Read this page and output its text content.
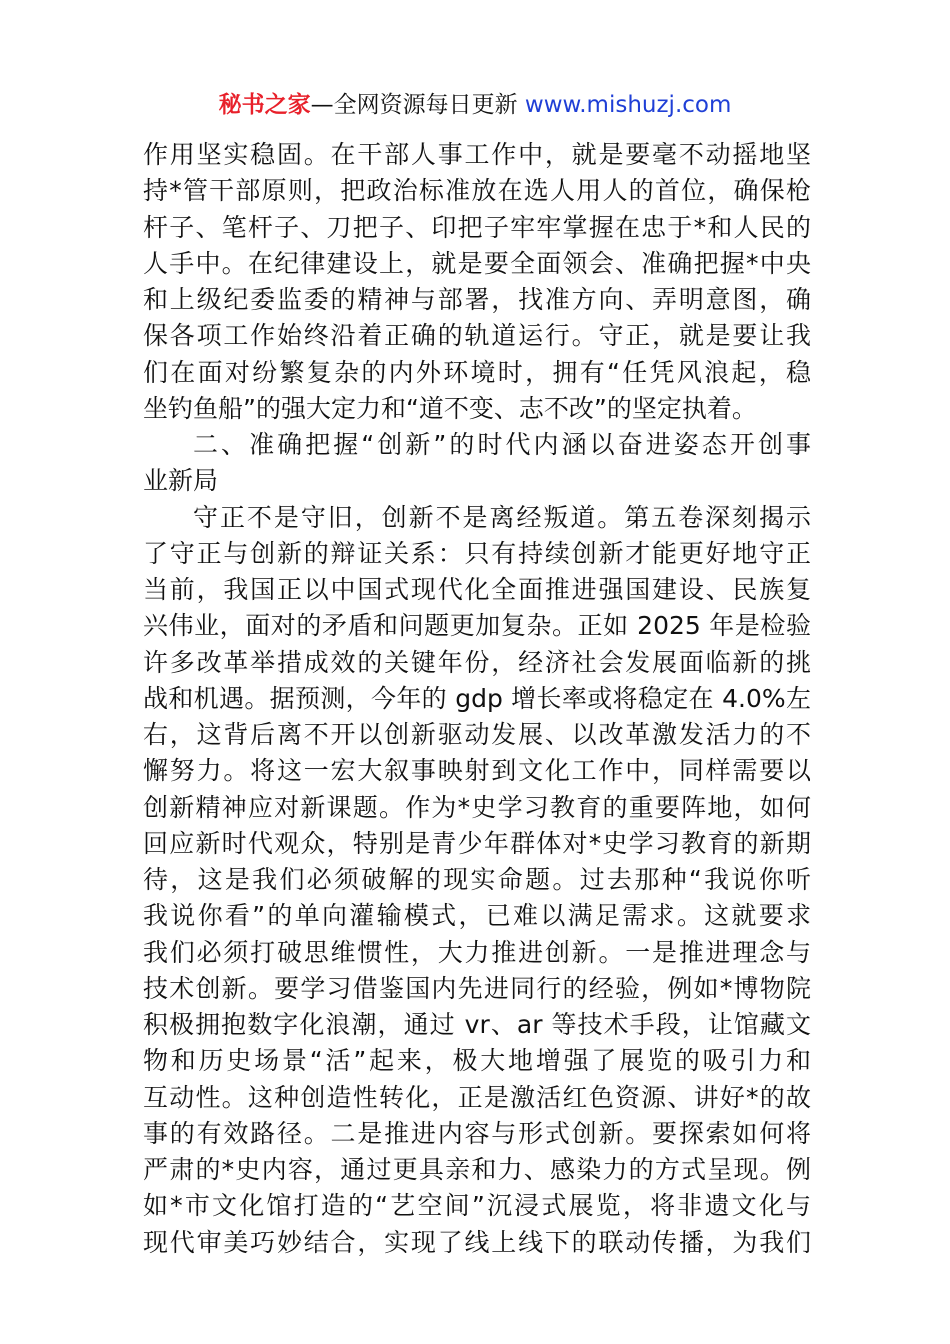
秘书之家—全网资源每日更新 www.mishuzj.com
作用坚实稳固。在干部人事工作中，就是要毫不动摇地坚
持*管干部原则，把政治标准放在选人用人的首位，确保枪
杆子、笔杆子、刀把子、印把子牢牢掌握在忠于*和人民的
人手中。在纪律建设上，就是要全面领会、准确把握*中央
和上级纪委监委的精神与部署，找准方向、弄明意图，确
保各项工作始终沿着正确的轨道运行。守正，就是要让我
们在面对纷繁复杂的内外环境时，拥有“任凭风浪起，稳
坐钓鱼船”的强大定力和“道不变、志不改”的坚定执着。
二、准确把握“创新”的时代内涵以奋进姿态开创事
业新局
守正不是守旧，创新不是离经叛道。第五卷深刻揭示
了守正与创新的辩证关系：只有持续创新才能更好地守正
当前，我国正以中国式现代化全面推进强国建设、民族复
兴伟业，面对的矛盾和问题更加复杂。正如 2025 年是检验
许多改革举措成效的关键年份，经济社会发展面临新的挑
战和机遇。据预测，今年的 gdp 增长率或将稳定在 4.0%左
右，这背后离不开以创新驱动发展、以改革激发活力的不
懈努力。将这一宏大叙事映射到文化工作中，同样需要以
创新精神应对新课题。作为*史学习教育的重要阵地，如何
回应新时代观众，特别是青少年群体对*史学习教育的新期
待，这是我们必须破解的现实命题。过去那种“我说你听
我说你看”的单向灌输模式，已难以满足需求。这就要求
我们必须打破思维惯性，大力推进创新。一是推进理念与
技术创新。要学习借鉴国内先进同行的经验，例如*博物院
积极拥抱数字化浪潮，通过 vr、ar 等技术手段，让馆藏文
物和历史场景“活”起来，极大地增强了展览的吸引力和
互动性。这种创造性转化，正是激活红色资源、讲好*的故
事的有效路径。二是推进内容与形式创新。要探索如何将
严肃的*史内容，通过更具亲和力、感染力的方式呈现。例
如*市文化馆打造的“艺空间”沉浸式展览，将非遗文化与
现代审美巧妙结合，实现了线上线下的联动传播，为我们
